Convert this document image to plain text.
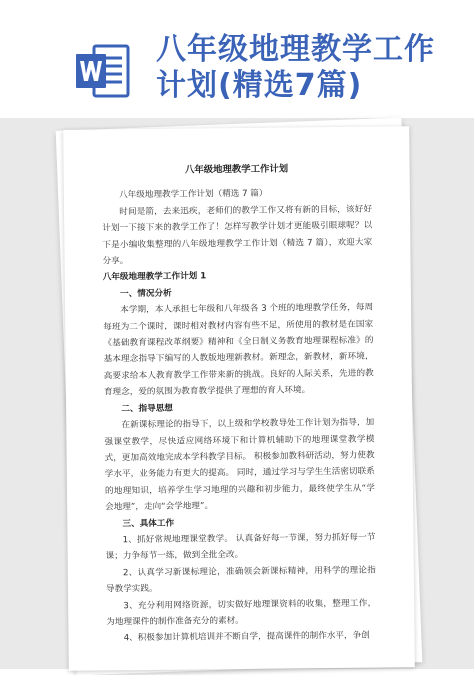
八年级地理教学工作计划(精选7篇)

八年级地理教学工作计划

八年级地理教学工作计划（精选 7 篇）

时间是箭，去来迅疾，老师们的教学工作又将有新的目标，该好好计划一下接下来的教学工作了！怎样写教学计划才更能吸引眼球呢？以下是小编收集整理的八年级地理教学工作计划（精选 7 篇），欢迎大家分享。

八年级地理教学工作计划 1

一、情况分析

本学期，本人承担七年级和八年级各 3 个班的地理教学任务，每周每班为二个课时，课时相对教材内容有些不足，所使用的教材是在国家《基础教育课程改革纲要》精神和《全日制义务教育地理课程标准》的基本理念指导下编写的人教版地理新教材。新理念，新教材，新环境，高要求给本人教育教学工作带来新的挑战。良好的人际关系，先进的教育理念，爱的氛围为教育教学提供了理想的育人环境。

二、指导思想

在新课标理论的指导下，以上级和学校教导处工作计划为指导，加强课堂教学，尽快适应网络环境下和计算机辅助下的地理课堂教学模式，更加高效地完成本学科教学目标。 积极参加教科研活动，努力使教学水平，业务能力有更大的提高。 同时，通过学习与学生生活密切联系的地理知识，培养学生学习地理的兴趣和初步能力，最终使学生从“学会地理”，走向“会学地理”。

三、具体工作

1、抓好常规地理课堂教学。 认真备好每一节课，努力抓好每一节课；力争每节一练，做到全批全改。

2、认真学习新课标理论，准确领会新课标精神，用科学的理论指导教学实践。

3、充分利用网络资源，切实做好地理课资料的收集，整理工作，为地理课件的制作准备充分的素材。

4、积极参加计算机培训并不断自学，提高课件的制作水平，争创
